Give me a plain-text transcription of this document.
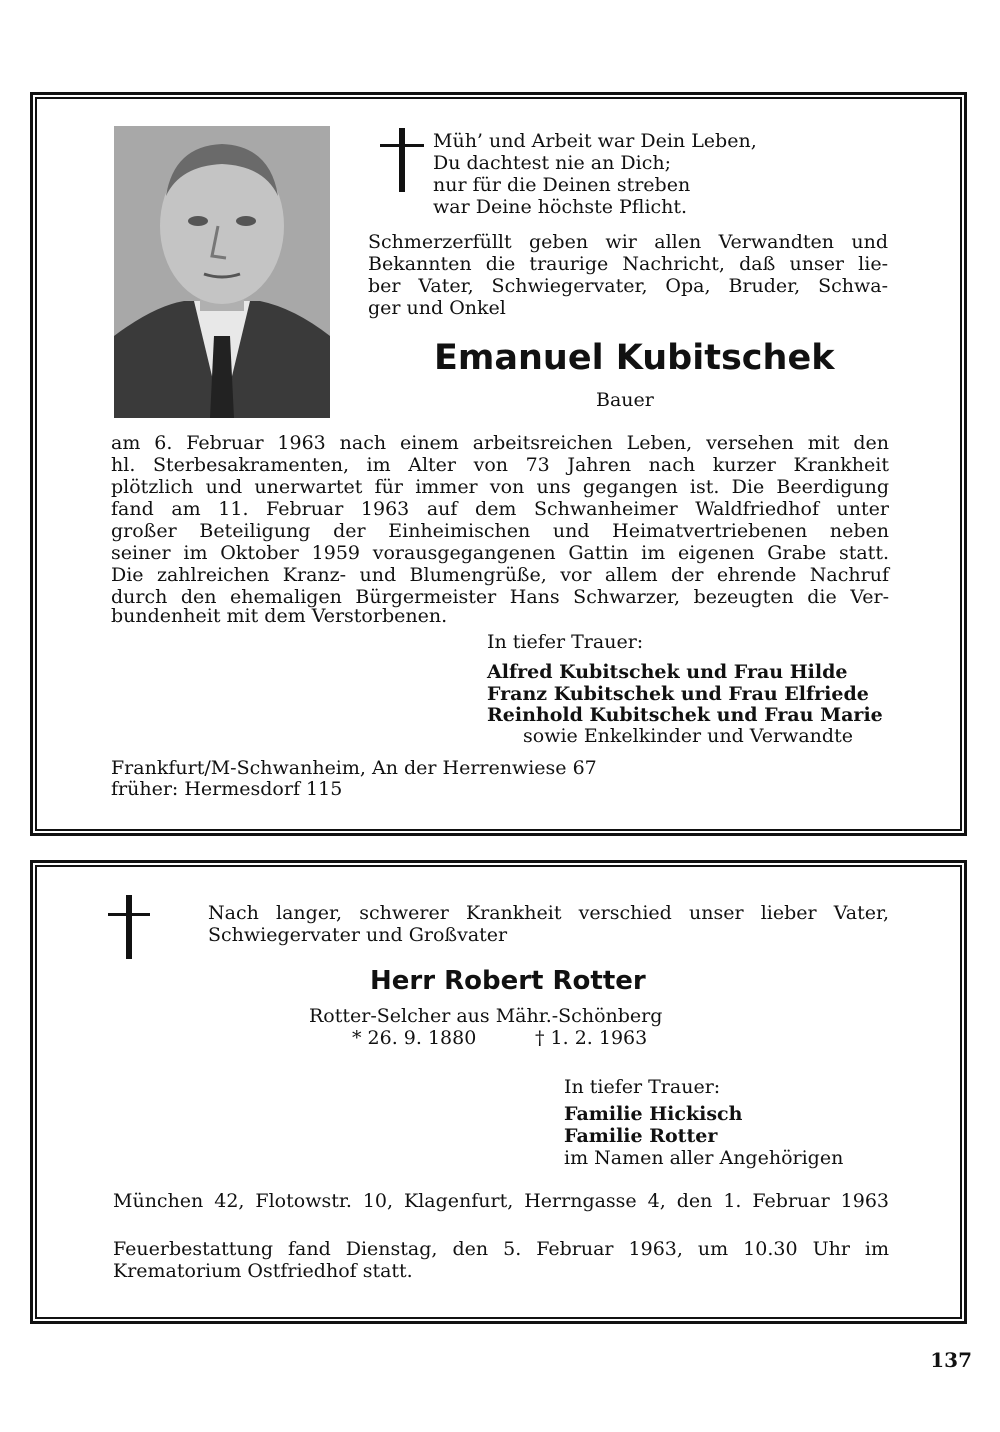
Müh’ und Arbeit war Dein Leben,
Du dachtest nie an Dich;
nur für die Deinen streben
war Deine höchste Pflicht.
Schmerzerfüllt geben wir allen Verwandten und
Bekannten die traurige Nachricht, daß unser lie-
ber Vater, Schwiegervater, Opa, Bruder, Schwa-
ger und Onkel
Emanuel Kubitschek
Bauer
am 6. Februar 1963 nach einem arbeitsreichen Leben, versehen mit den
hl. Sterbesakramenten, im Alter von 73 Jahren nach kurzer Krankheit
plötzlich und unerwartet für immer von uns gegangen ist. Die Beerdigung
fand am 11. Februar 1963 auf dem Schwanheimer Waldfriedhof unter
großer Beteiligung der Einheimischen und Heimatvertriebenen neben
seiner im Oktober 1959 vorausgegangenen Gattin im eigenen Grabe statt.
Die zahlreichen Kranz- und Blumengrüße, vor allem der ehrende Nachruf
durch den ehemaligen Bürgermeister Hans Schwarzer, bezeugten die Ver-
bundenheit mit dem Verstorbenen.
In tiefer Trauer:
Alfred Kubitschek und Frau Hilde
Franz Kubitschek und Frau Elfriede
Reinhold Kubitschek und Frau Marie
sowie Enkelkinder und Verwandte
Frankfurt/M-Schwanheim, An der Herrenwiese 67
früher: Hermesdorf 115
Nach langer, schwerer Krankheit verschied unser lieber Vater,
Schwiegervater und Großvater
Herr Robert Rotter
Rotter-Selcher aus Mähr.-Schönberg
* 26. 9. 1880	† 1. 2. 1963
In tiefer Trauer:
Familie Hickisch
Familie Rotter
im Namen aller Angehörigen
München 42, Flotowstr. 10, Klagenfurt, Herrngasse 4, den 1. Februar 1963
Feuerbestattung fand Dienstag, den 5. Februar 1963, um 10.30 Uhr im
Krematorium Ostfriedhof statt.
137
